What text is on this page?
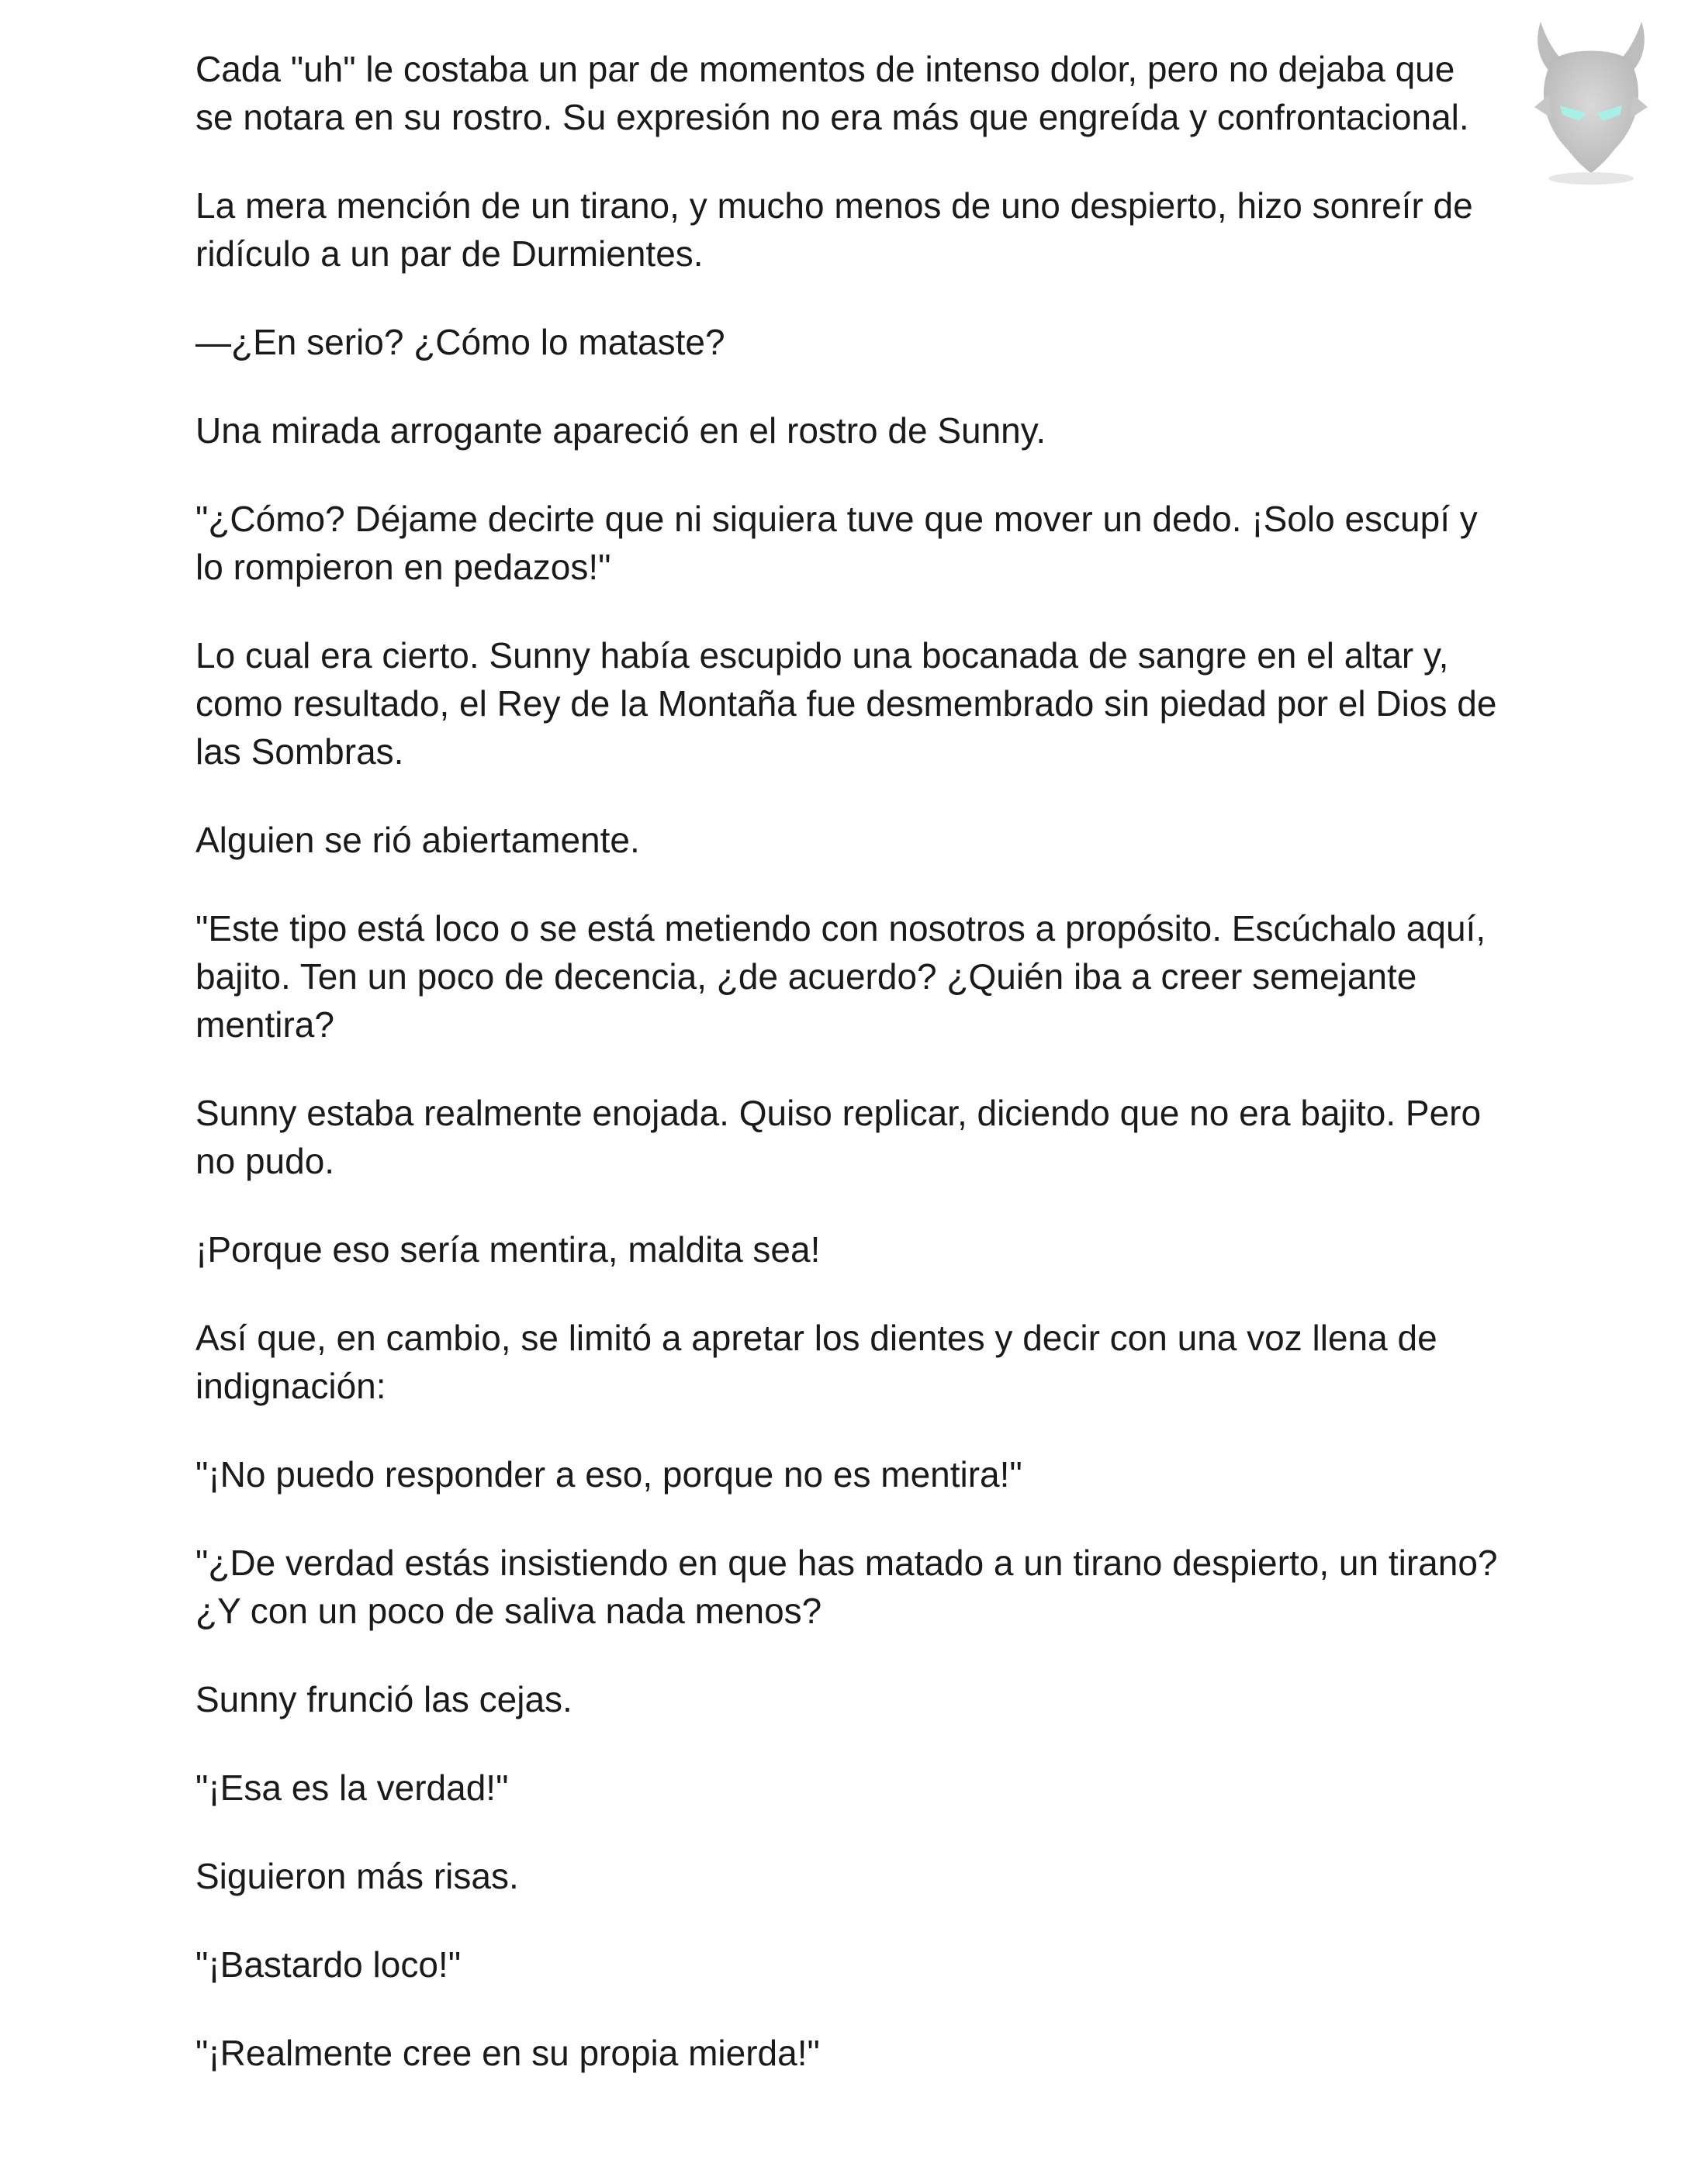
Cada "uh" le costaba un par de momentos de intenso dolor, pero no dejaba que se notara en su rostro. Su expresión no era más que engreída y confrontacional.

La mera mención de un tirano, y mucho menos de uno despierto, hizo sonreír de ridículo a un par de Durmientes.

—¿En serio? ¿Cómo lo mataste?

Una mirada arrogante apareció en el rostro de Sunny.

"¿Cómo? Déjame decirte que ni siquiera tuve que mover un dedo. ¡Solo escupí y lo rompieron en pedazos!"

Lo cual era cierto. Sunny había escupido una bocanada de sangre en el altar y, como resultado, el Rey de la Montaña fue desmembrado sin piedad por el Dios de las Sombras.

Alguien se rió abiertamente.

"Este tipo está loco o se está metiendo con nosotros a propósito. Escúchalo aquí, bajito. Ten un poco de decencia, ¿de acuerdo? ¿Quién iba a creer semejante mentira?

Sunny estaba realmente enojada. Quiso replicar, diciendo que no era bajito. Pero no pudo.

¡Porque eso sería mentira, maldita sea!

Así que, en cambio, se limitó a apretar los dientes y decir con una voz llena de indignación:

"¡No puedo responder a eso, porque no es mentira!"

"¿De verdad estás insistiendo en que has matado a un tirano despierto, un tirano? ¿Y con un poco de saliva nada menos?

Sunny frunció las cejas.

"¡Esa es la verdad!"

Siguieron más risas.

"¡Bastardo loco!"

"¡Realmente cree en su propia mierda!"
